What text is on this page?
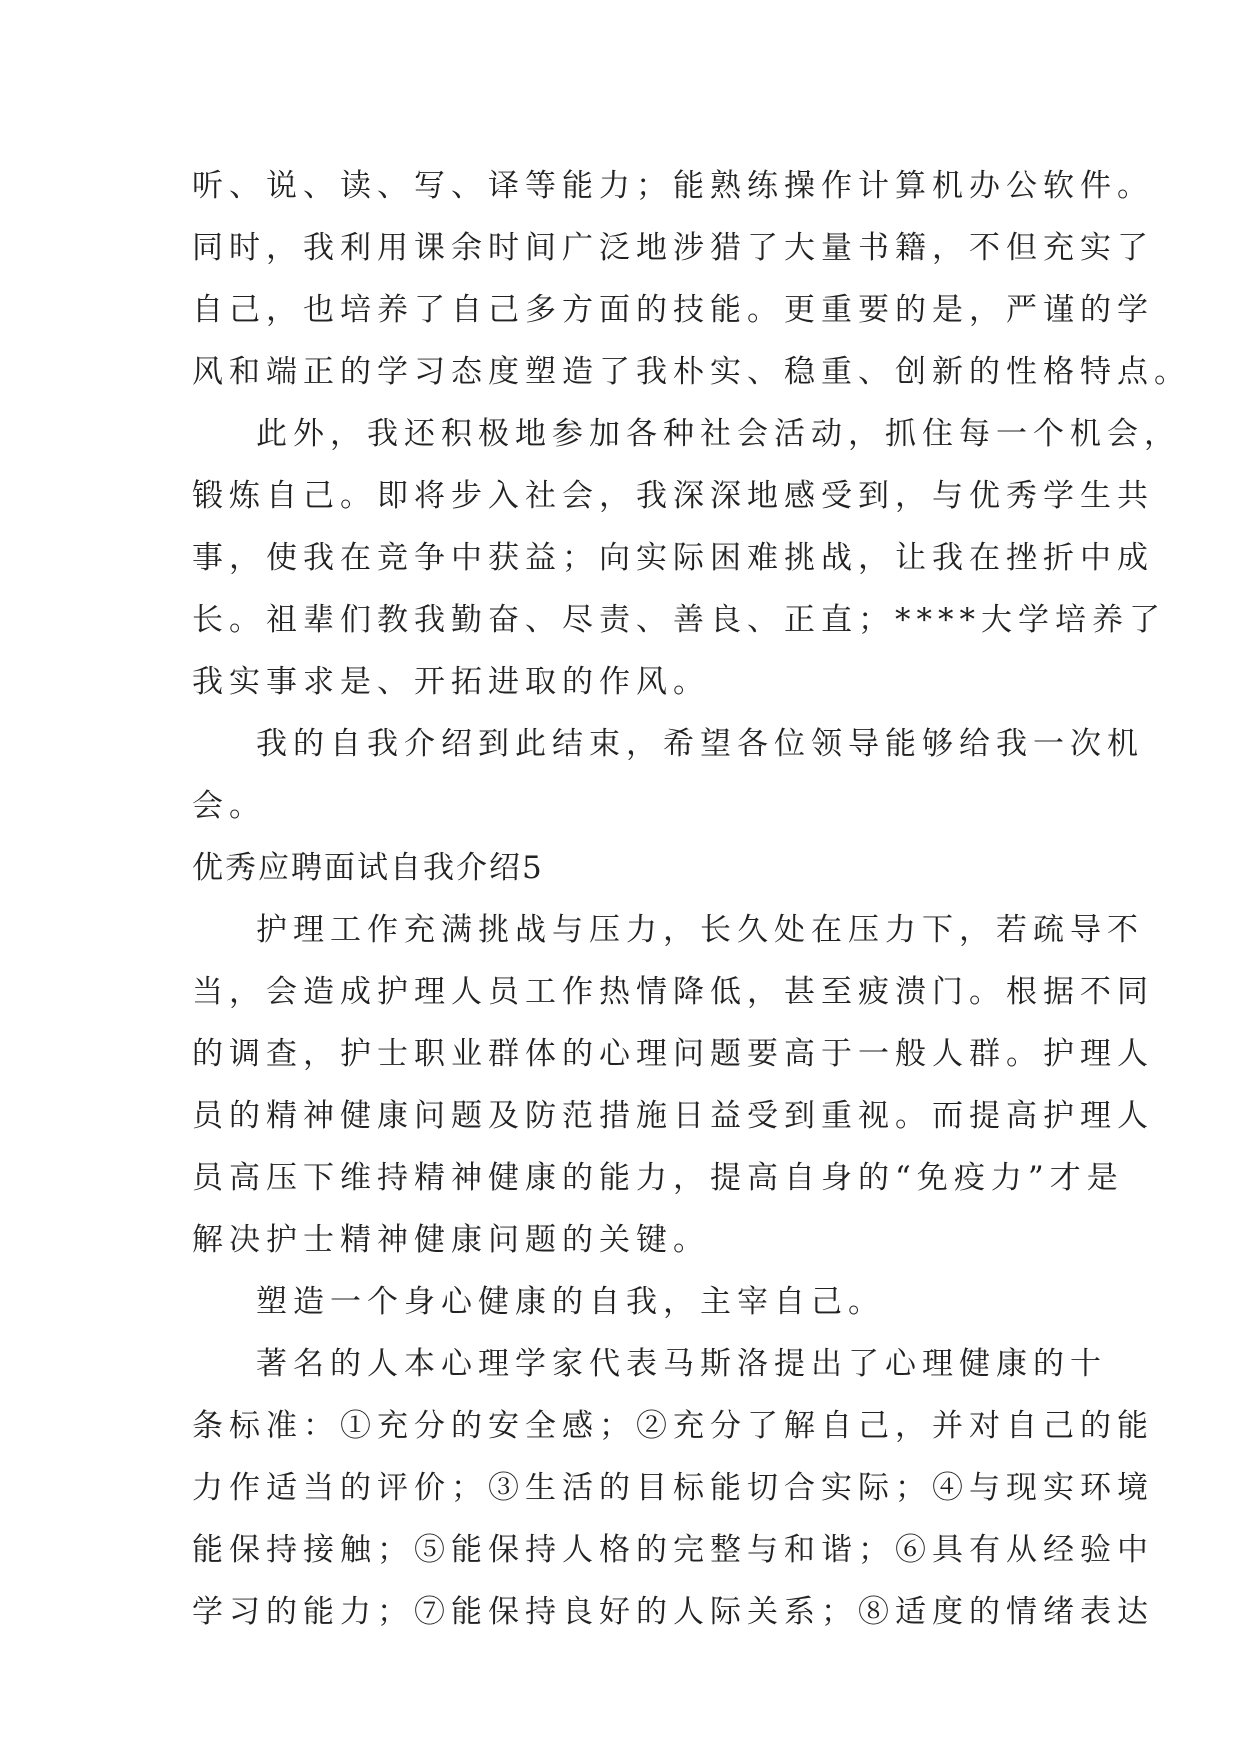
听、说、读、写、译等能力；能熟练操作计算机办公软件。
同时，我利用课余时间广泛地涉猎了大量书籍，不但充实了
自己，也培养了自己多方面的技能。更重要的是，严谨的学
风和端正的学习态度塑造了我朴实、稳重、创新的性格特点。
此外，我还积极地参加各种社会活动，抓住每一个机会，
锻炼自己。即将步入社会，我深深地感受到，与优秀学生共
事，使我在竞争中获益；向实际困难挑战，让我在挫折中成
长。祖辈们教我勤奋、尽责、善良、正直；****大学培养了
我实事求是、开拓进取的作风。
我的自我介绍到此结束，希望各位领导能够给我一次机
会。
优秀应聘面试自我介绍5
护理工作充满挑战与压力，长久处在压力下，若疏导不
当，会造成护理人员工作热情降低，甚至疲溃门。根据不同
的调查，护士职业群体的心理问题要高于一般人群。护理人
员的精神健康问题及防范措施日益受到重视。而提高护理人
员高压下维持精神健康的能力，提高自身的“免疫力”才是
解决护士精神健康问题的关键。
塑造一个身心健康的自我，主宰自己。
著名的人本心理学家代表马斯洛提出了心理健康的十
条标准：①充分的安全感；②充分了解自己，并对自己的能
力作适当的评价；③生活的目标能切合实际；④与现实环境
能保持接触；⑤能保持人格的完整与和谐；⑥具有从经验中
学习的能力；⑦能保持良好的人际关系；⑧适度的情绪表达
